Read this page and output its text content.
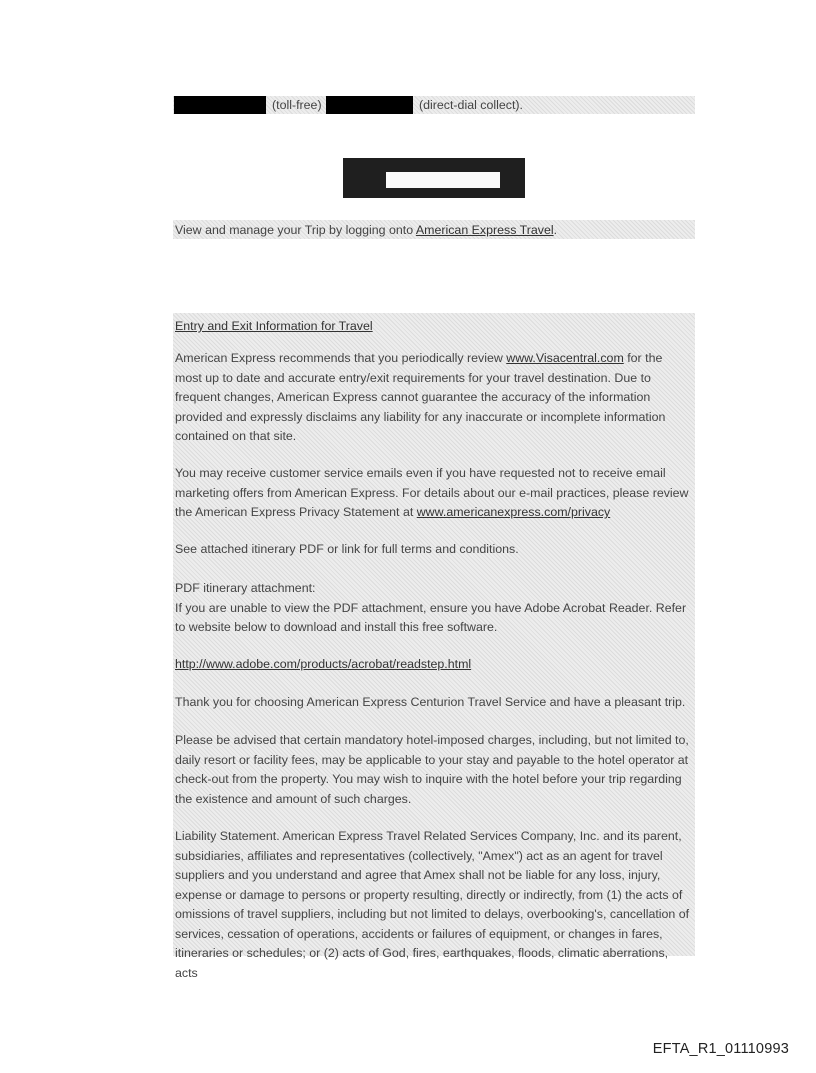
(toll-free)	(direct-dial collect).
View and manage your Trip by logging onto American Express Travel.

Entry and Exit Information for Travel

American Express recommends that you periodically review www.Visacentral.com for the most up to date and accurate entry/exit requirements for your travel destination. Due to frequent changes, American Express cannot guarantee the accuracy of the information provided and expressly disclaims any liability for any inaccurate or incomplete information contained on that site.

You may receive customer service emails even if you have requested not to receive email marketing offers from American Express. For details about our e-mail practices, please review the American Express Privacy Statement at www.americanexpress.com/privacy

See attached itinerary PDF or link for full terms and conditions.

PDF itinerary attachment:
If you are unable to view the PDF attachment, ensure you have Adobe Acrobat Reader. Refer to website below to download and install this free software.

http://www.adobe.com/products/acrobat/readstep.html

Thank you for choosing American Express Centurion Travel Service and have a pleasant trip.

Please be advised that certain mandatory hotel-imposed charges, including, but not limited to, daily resort or facility fees, may be applicable to your stay and payable to the hotel operator at check-out from the property. You may wish to inquire with the hotel before your trip regarding the existence and amount of such charges.

Liability Statement. American Express Travel Related Services Company, Inc. and its parent, subsidiaries, affiliates and representatives (collectively, "Amex") act as an agent for travel suppliers and you understand and agree that Amex shall not be liable for any loss, injury, expense or damage to persons or property resulting, directly or indirectly, from (1) the acts of omissions of travel suppliers, including but not limited to delays, overbooking's, cancellation of services, cessation of operations, accidents or failures of equipment, or changes in fares, itineraries or schedules; or (2) acts of God, fires, earthquakes, floods, climatic aberrations, acts

EFTA_R1_01110993
